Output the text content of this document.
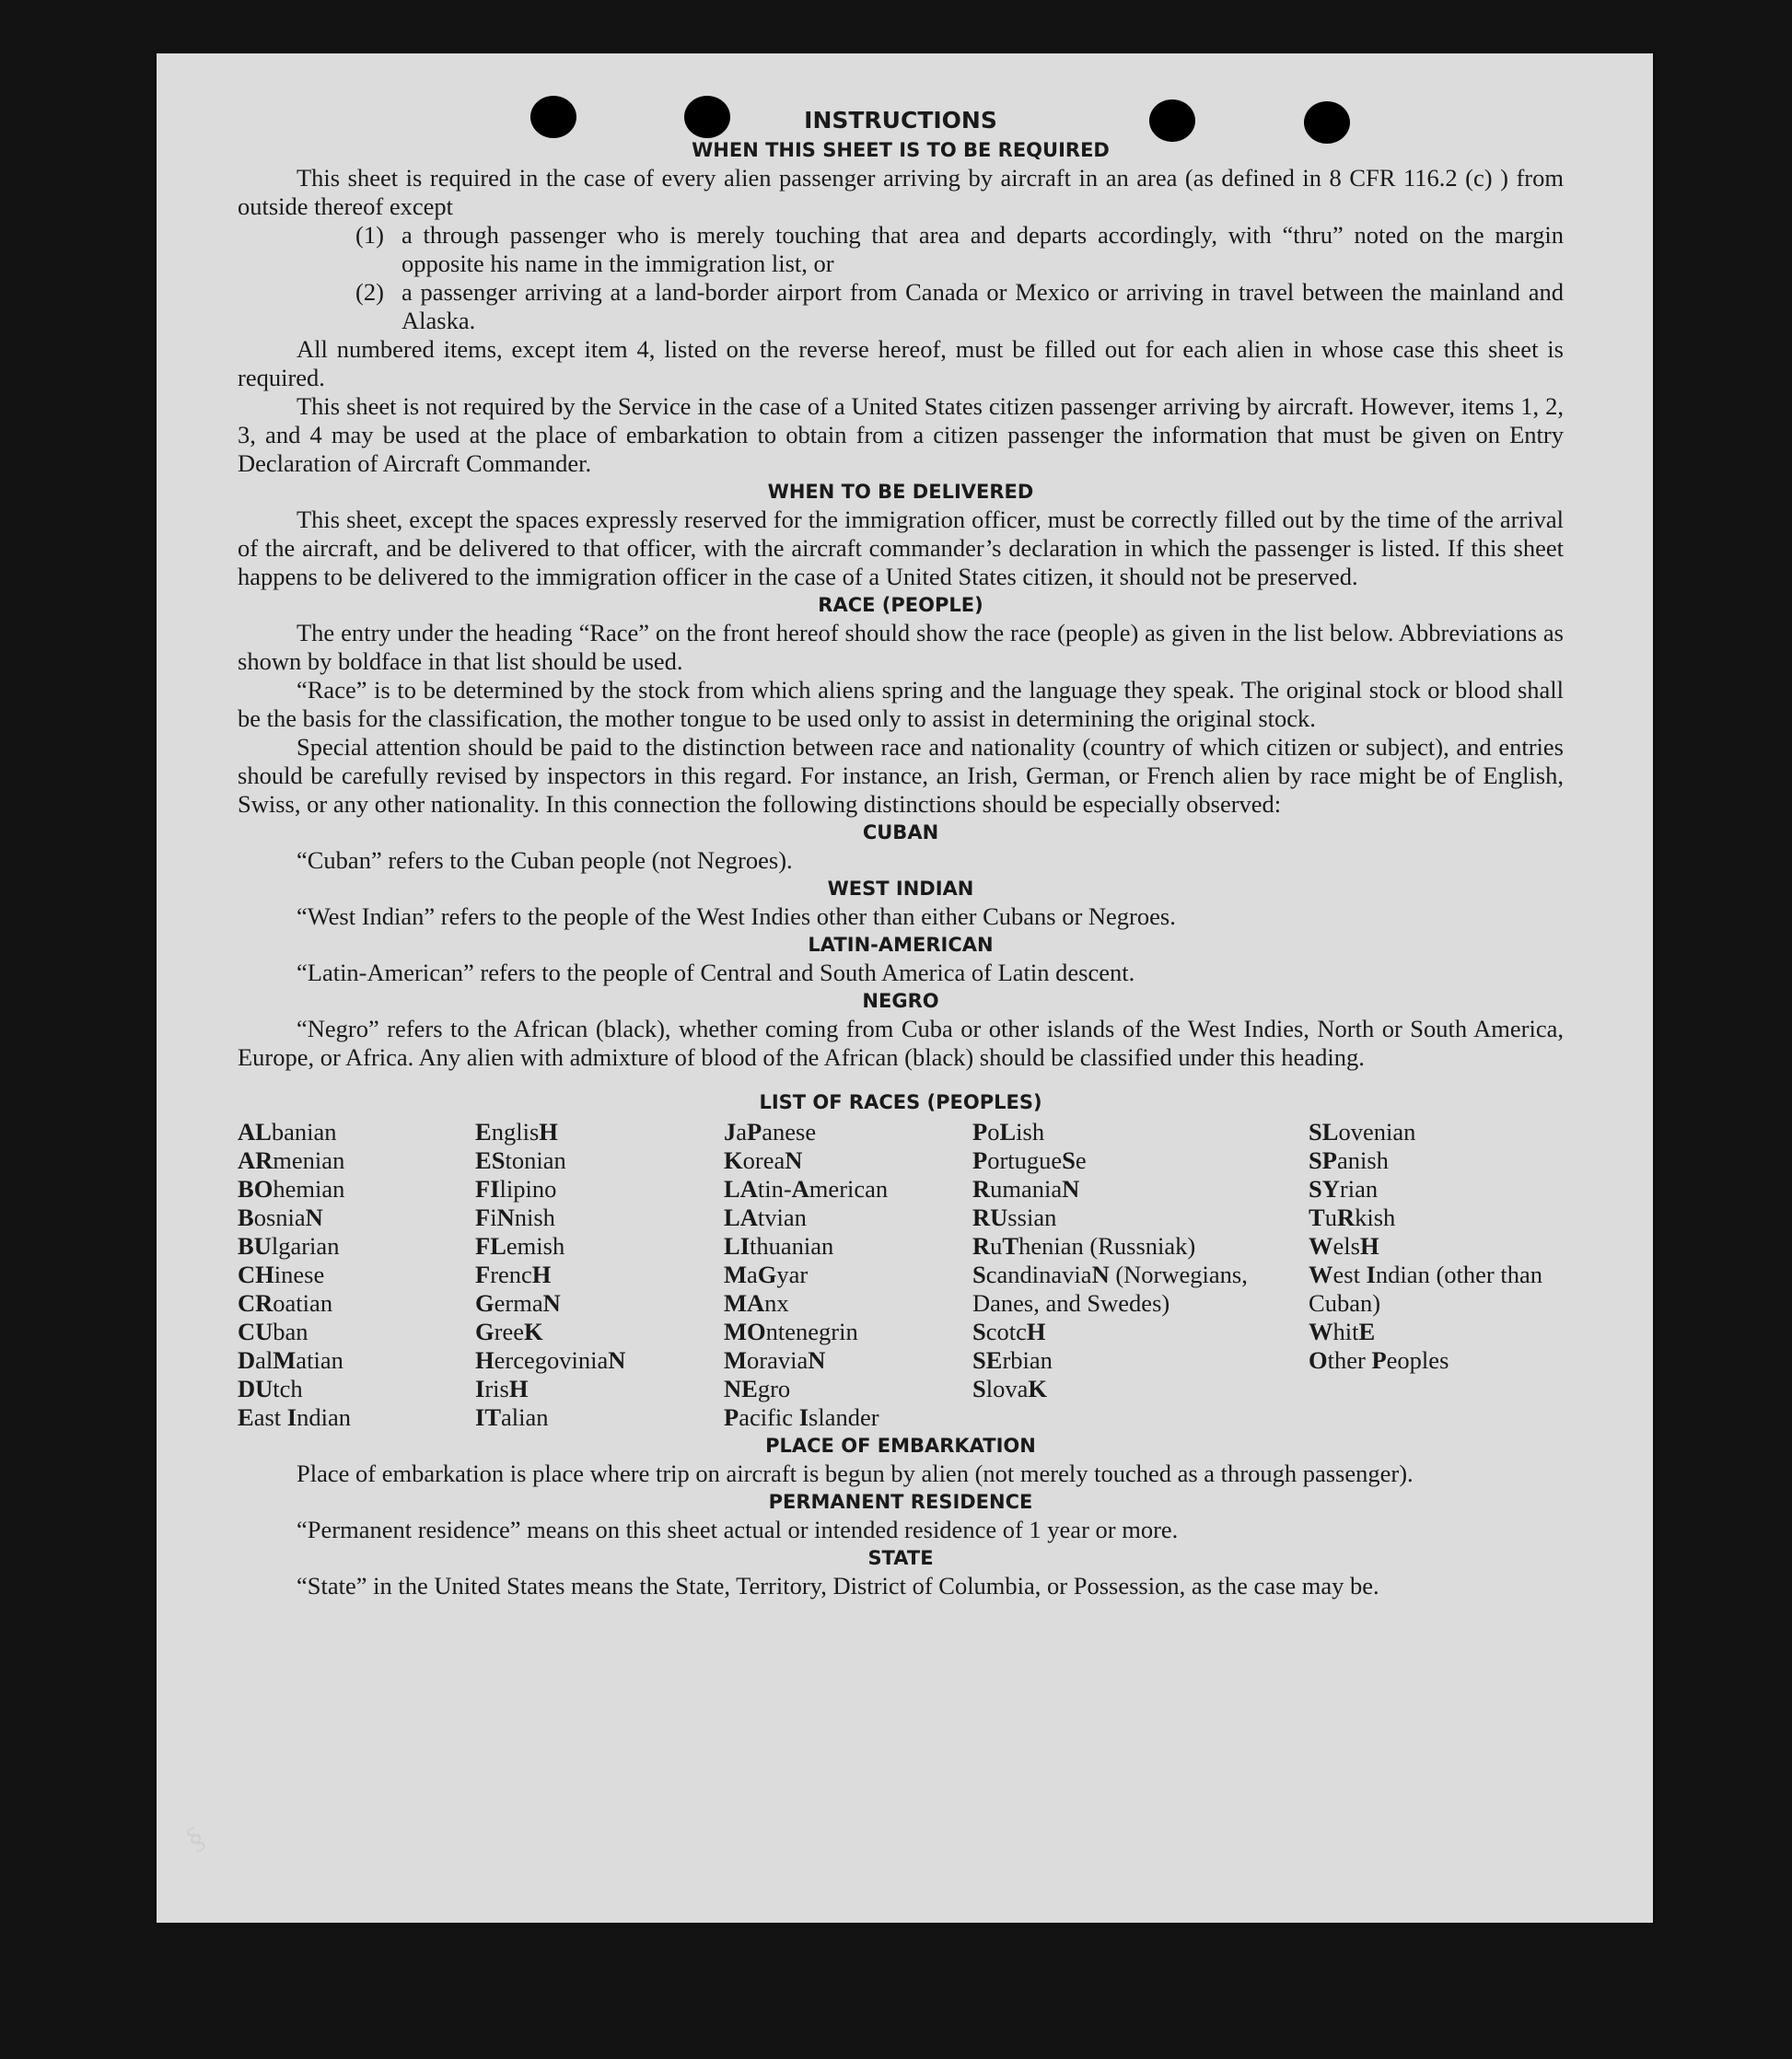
§
INSTRUCTIONS
WHEN THIS SHEET IS TO BE REQUIRED

This sheet is required in the case of every alien passenger arriving by aircraft in an area (as defined in 8 CFR 116.2 (c) ) from outside thereof except

(1) a through passenger who is merely touching that area and departs accordingly, with “thru” noted on the margin opposite his name in the immigration list, or
(2) a passenger arriving at a land-border airport from Canada or Mexico or arriving in travel between the mainland and Alaska.

All numbered items, except item 4, listed on the reverse hereof, must be filled out for each alien in whose case this sheet is required.

This sheet is not required by the Service in the case of a United States citizen passenger arriving by aircraft. However, items 1, 2, 3, and 4 may be used at the place of embarkation to obtain from a citizen passenger the information that must be given on Entry Declaration of Aircraft Commander.

WHEN TO BE DELIVERED

This sheet, except the spaces expressly reserved for the immigration officer, must be correctly filled out by the time of the arrival of the aircraft, and be delivered to that officer, with the aircraft commander’s declaration in which the passenger is listed. If this sheet happens to be delivered to the immigration officer in the case of a United States citizen, it should not be preserved.

RACE (PEOPLE)

The entry under the heading “Race” on the front hereof should show the race (people) as given in the list below. Abbreviations as shown by boldface in that list should be used.

“Race” is to be determined by the stock from which aliens spring and the language they speak. The original stock or blood shall be the basis for the classification, the mother tongue to be used only to assist in determining the original stock.

Special attention should be paid to the distinction between race and nationality (country of which citizen or subject), and entries should be carefully revised by inspectors in this regard. For instance, an Irish, German, or French alien by race might be of English, Swiss, or any other nationality. In this connection the following distinctions should be especially observed:

CUBAN

“Cuban” refers to the Cuban people (not Negroes).

WEST INDIAN

“West Indian” refers to the people of the West Indies other than either Cubans or Negroes.

LATIN-AMERICAN

“Latin-American” refers to the people of Central and South America of Latin descent.

NEGRO

“Negro” refers to the African (black), whether coming from Cuba or other islands of the West Indies, North or South America, Europe, or Africa. Any alien with admixture of blood of the African (black) should be classified under this heading.

LIST OF RACES (PEOPLES)
ALbanian
ARmenian
BOhemian
BosniaN
BUlgarian
CHinese
CRoatian
CUban
DalMatian
DUtch
East Indian
EnglisH
EStonian
FIlipino
FiNnish
FLemish
FrencH
GermaN
GreeK
HercegoviniaN
IrisH
ITalian
JaPanese
KoreaN
LAtin-American
LAtvian
LIthuanian
MaGyar
MAnx
MOntenegrin
MoraviaN
NEgro
Pacific Islander
PoLish
PortugueSe
RumaniaN
RUssian
RuThenian (Russniak)
ScandinaviaN (Norwegians, Danes, and Swedes)
ScotcH
SErbian
SlovaK
SLovenian
SPanish
SYrian
TuRkish
WelsH
West Indian (other than Cuban)
WhitE
Other Peoples
PLACE OF EMBARKATION

Place of embarkation is place where trip on aircraft is begun by alien (not merely touched as a through passenger).

PERMANENT RESIDENCE

“Permanent residence” means on this sheet actual or intended residence of 1 year or more.

STATE

“State” in the United States means the State, Territory, District of Columbia, or Possession, as the case may be.
